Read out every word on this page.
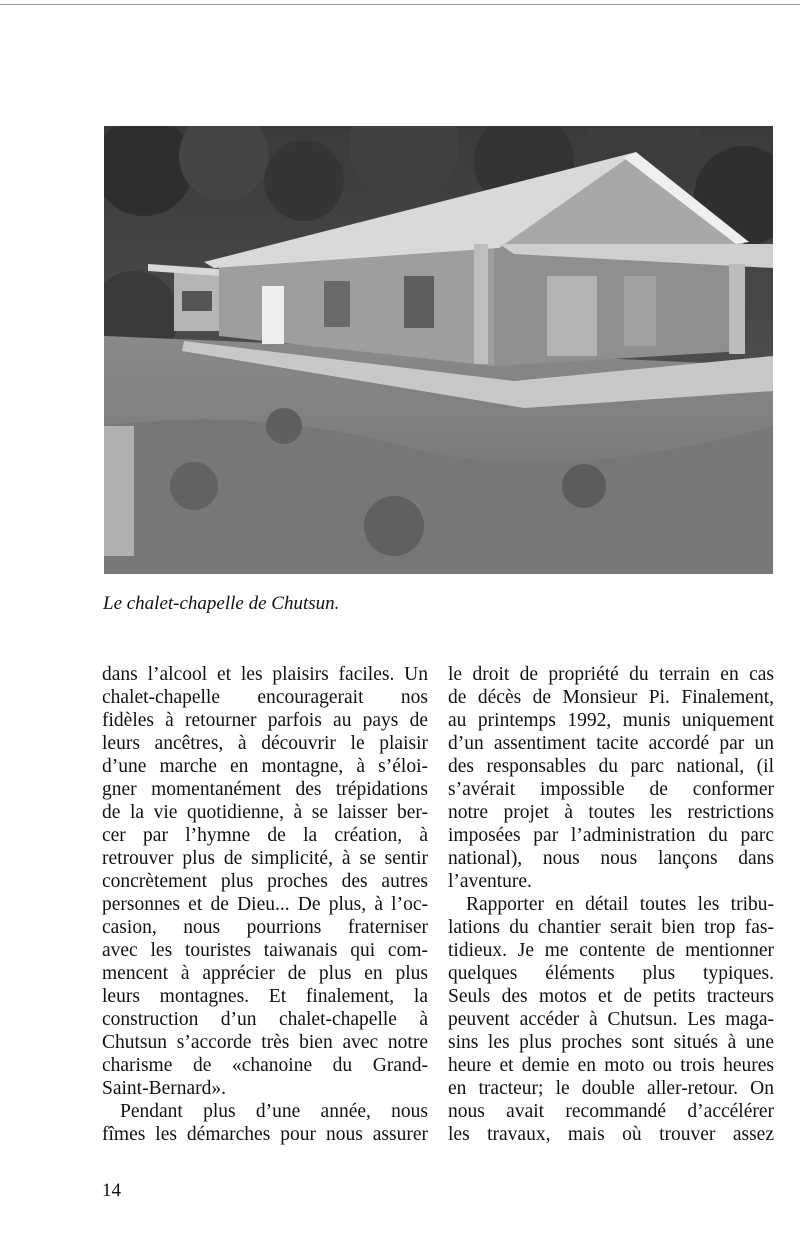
Le chalet-chapelle de Chutsun.
dans l’alcool et les plaisirs faciles. Un
chalet-chapelle encouragerait nos
fidèles à retourner parfois au pays de
leurs ancêtres, à découvrir le plaisir
d’une marche en montagne, à s’éloi-
gner momentanément des trépidations
de la vie quotidienne, à se laisser ber-
cer par l’hymne de la création, à
retrouver plus de simplicité, à se sentir
concrètement plus proches des autres
personnes et de Dieu... De plus, à l’oc-
casion, nous pourrions fraterniser
avec les touristes taiwanais qui com-
mencent à apprécier de plus en plus
leurs montagnes. Et finalement, la
construction d’un chalet-chapelle à
Chutsun s’accorde très bien avec notre
charisme de «chanoine du Grand-
Saint-Bernard».
Pendant plus d’une année, nous
fîmes les démarches pour nous assurer
le droit de propriété du terrain en cas
de décès de Monsieur Pi. Finalement,
au printemps 1992, munis uniquement
d’un assentiment tacite accordé par un
des responsables du parc national, (il
s’avérait impossible de conformer
notre projet à toutes les restrictions
imposées par l’administration du parc
national), nous nous lançons dans
l’aventure.
Rapporter en détail toutes les tribu-
lations du chantier serait bien trop fas-
tidieux. Je me contente de mentionner
quelques éléments plus typiques.
Seuls des motos et de petits tracteurs
peuvent accéder à Chutsun. Les maga-
sins les plus proches sont situés à une
heure et demie en moto ou trois heures
en tracteur; le double aller-retour. On
nous avait recommandé d’accélérer
les travaux, mais où trouver assez
14
